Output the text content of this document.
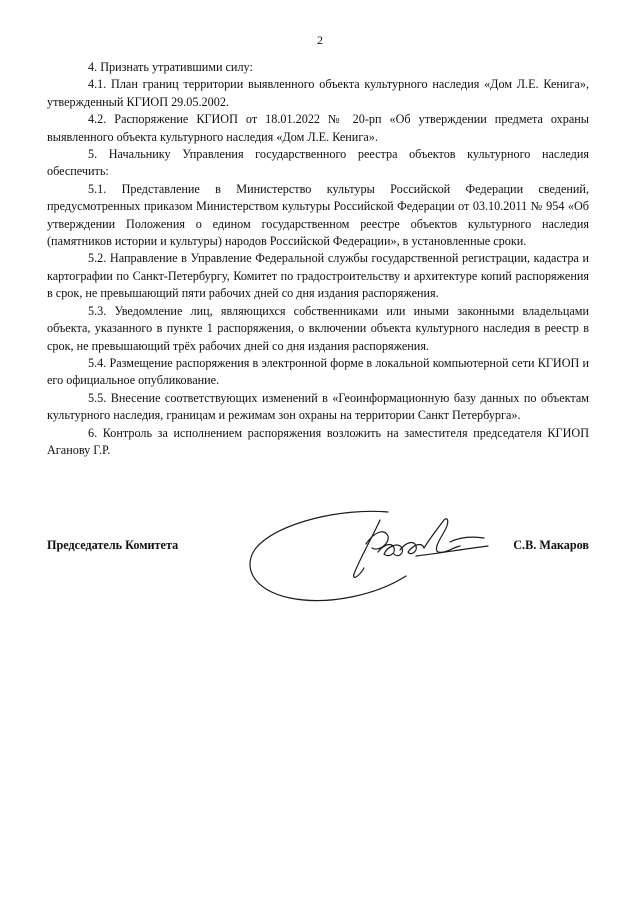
2

4. Признать утратившими силу:

4.1. План границ территории выявленного объекта культурного наследия «Дом Л.Е. Кенига», утвержденный КГИОП 29.05.2002.

4.2. Распоряжение КГИОП от 18.01.2022 № 20-рп «Об утверждении предмета охраны выявленного объекта культурного наследия «Дом Л.Е. Кенига».

5. Начальнику Управления государственного реестра объектов культурного наследия обеспечить:

5.1. Представление в Министерство культуры Российской Федерации сведений, предусмотренных приказом Министерством культуры Российской Федерации от 03.10.2011 № 954 «Об утверждении Положения о едином государственном реестре объектов культурного наследия (памятников истории и культуры) народов Российской Федерации», в установленные сроки.

5.2. Направление в Управление Федеральной службы государственной регистрации, кадастра и картографии по Санкт-Петербургу, Комитет по градостроительству и архитектуре копий распоряжения в срок, не превышающий пяти рабочих дней со дня издания распоряжения.

5.3. Уведомление лиц, являющихся собственниками или иными законными владельцами объекта, указанного в пункте 1 распоряжения, о включении объекта культурного наследия в реестр в срок, не превышающий трёх рабочих дней со дня издания распоряжения.

5.4. Размещение распоряжения в электронной форме в локальной компьютерной сети КГИОП и его официальное опубликование.

5.5. Внесение соответствующих изменений в «Геоинформационную базу данных по объектам культурного наследия, границам и режимам зон охраны на территории Санкт Петербурга».

6. Контроль за исполнением распоряжения возложить на заместителя председателя КГИОП Аганову Г.Р.

Председатель Комитета	С.В. Макаров
